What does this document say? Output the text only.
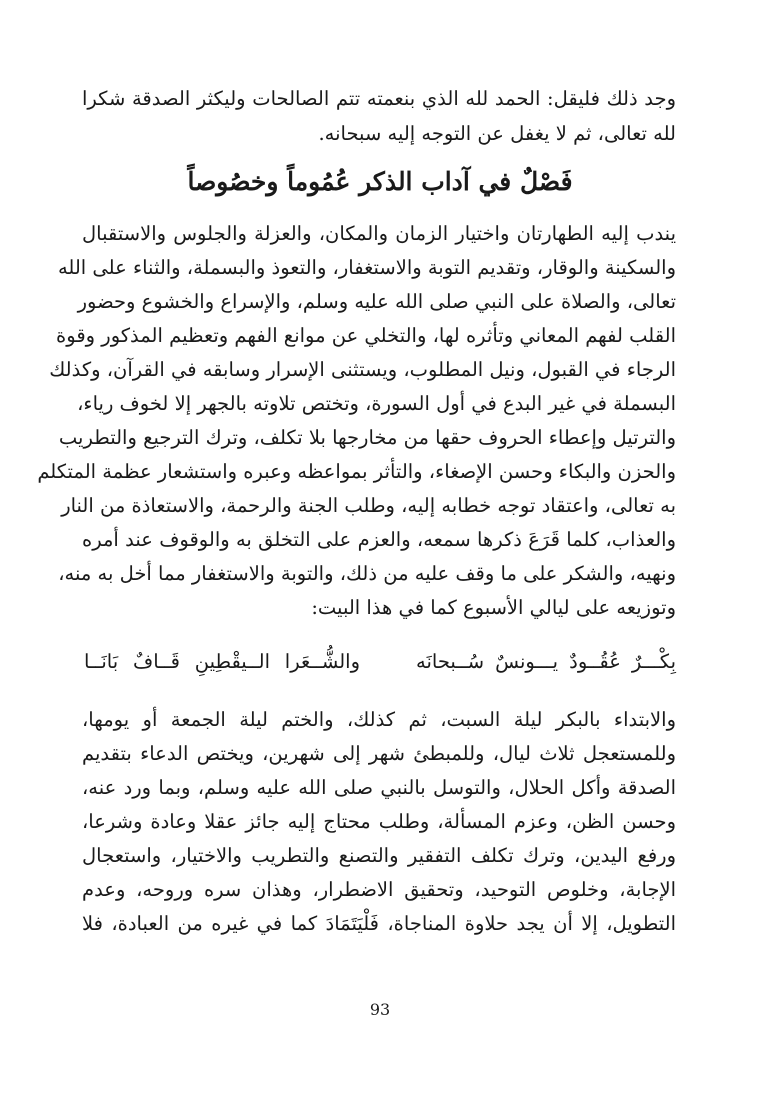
وجد ذلك فليقل: الحمد لله الذي بنعمته تتم الصالحات وليكثر الصدقة شكرا
لله تعالى، ثم لا يغفل عن التوجه إليه سبحانه.
فَصْلٌ في آداب الذكر عُمُوماً وخصُوصاً
يندب إليه الطهارتان واختيار الزمان والمكان، والعزلة والجلوس والاستقبال
والسكينة والوقار، وتقديم التوبة والاستغفار، والتعوذ والبسملة، والثناء على الله
تعالى، والصلاة على النبي صلى الله عليه وسلم، والإسراع والخشوع وحضور
القلب لفهم المعاني وتأثره لها، والتخلي عن موانع الفهم وتعظيم المذكور وقوة
الرجاء في القبول، ونيل المطلوب، ويستثنى الإسرار وسابقه في القرآن، وكذلك
البسملة في غير البدع في أول السورة، وتختص تلاوته بالجهر إلا لخوف رياء،
والترتيل وإعطاء الحروف حقها من مخارجها بلا تكلف، وترك الترجيع والتطريب
والحزن والبكاء وحسن الإصغاء، والتأثر بمواعظه وعبره واستشعار عظمة المتكلم
به تعالى، واعتقاد توجه خطابه إليه، وطلب الجنة والرحمة، والاستعاذة من النار
والعذاب، كلما قَرَعَ ذكرها سمعه، والعزم على التخلق به والوقوف عند أمره
ونهيه، والشكر على ما وقف عليه من ذلك، والتوبة والاستغفار مما أخل به منه،
وتوزيعه على ليالي الأسبوع كما في هذا البيت:
بِكْـــرٌ عُقُــودٌ يـــونسٌ سُــبحانَه
والشُّــعَرا الــيقْطِينِ قَــافٌ بَانَــا
والابتداء بالبكر ليلة السبت، ثم كذلك، والختم ليلة الجمعة أو يومها،
وللمستعجل ثلاث ليال، وللمبطئ شهر إلى شهرين، ويختص الدعاء بتقديم
الصدقة وأكل الحلال، والتوسل بالنبي صلى الله عليه وسلم، وبما ورد عنه،
وحسن الظن، وعزم المسألة، وطلب محتاج إليه جائز عقلا وعادة وشرعا،
ورفع اليدين، وترك تكلف التفقير والتصنع والتطريب والاختيار، واستعجال
الإجابة، وخلوص التوحيد، وتحقيق الاضطرار، وهذان سره وروحه، وعدم
التطويل، إلا أن يجد حلاوة المناجاة، فَلْيَتَمَادَ كما في غيره من العبادة، فلا
93
